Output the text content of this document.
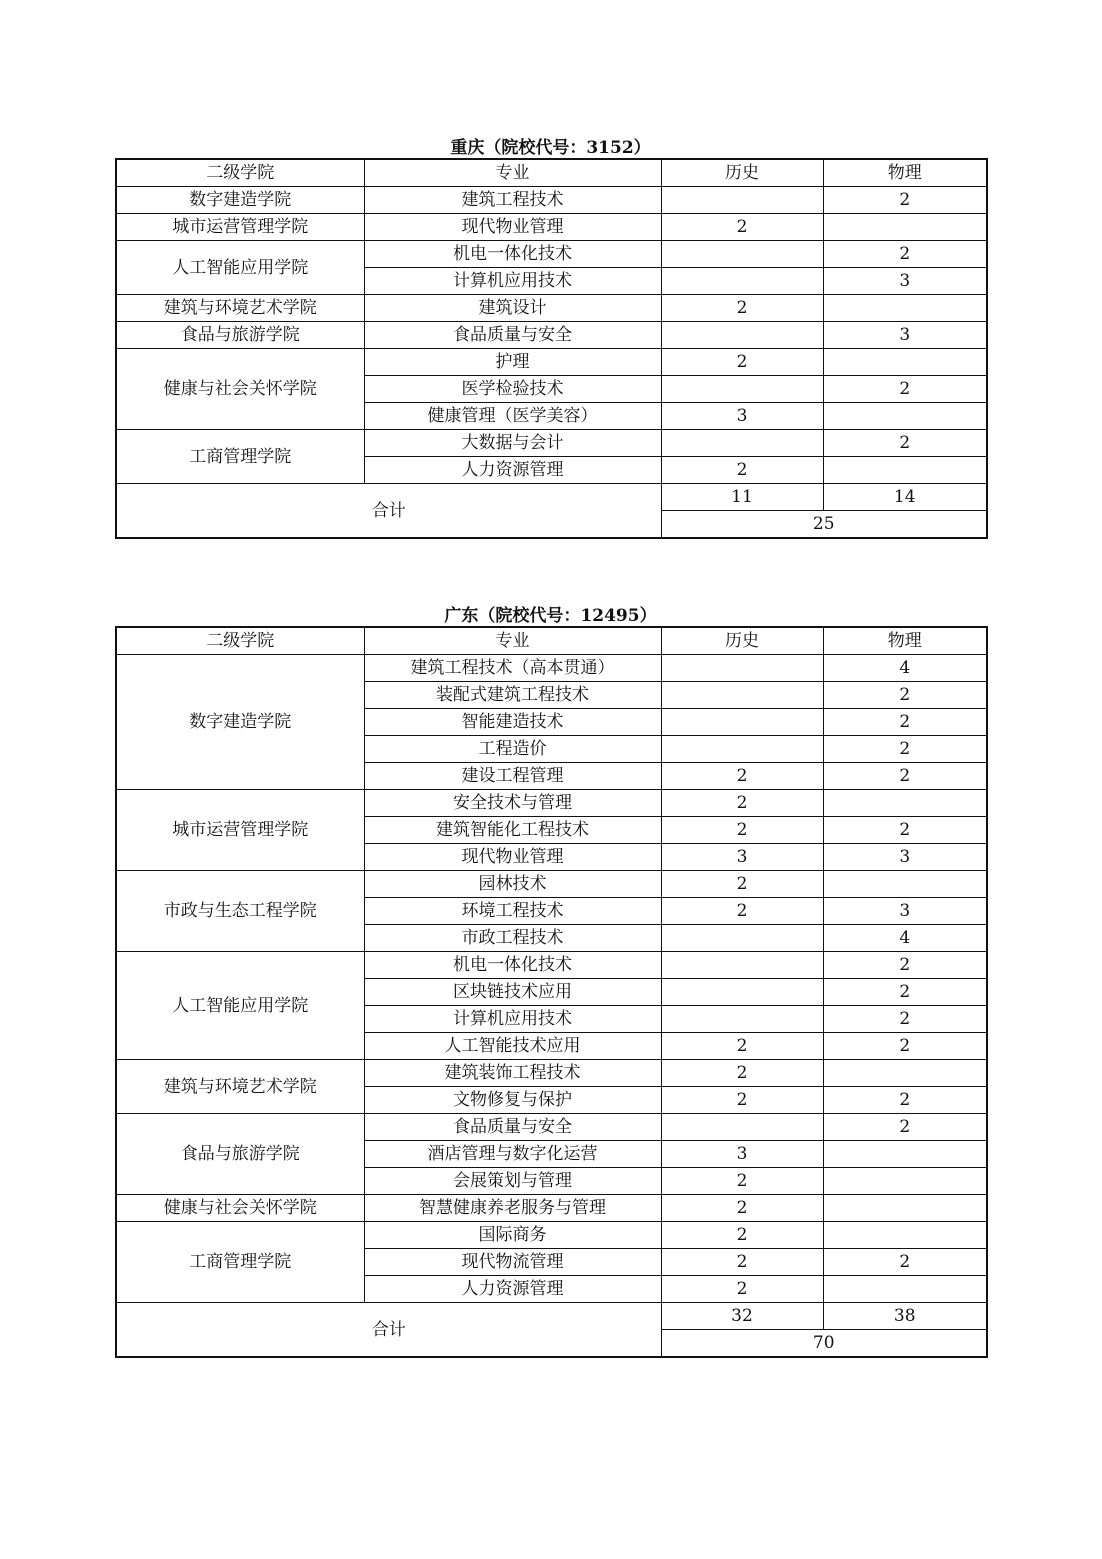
重庆（院校代号：3152）
二级学院	专业	历史	物理
数字建造学院	建筑工程技术		2
城市运营管理学院	现代物业管理	2	
人工智能应用学院	机电一体化技术		2
	计算机应用技术		3
建筑与环境艺术学院	建筑设计	2	
食品与旅游学院	食品质量与安全		3
健康与社会关怀学院	护理	2	
	医学检验技术		2
	健康管理（医学美容）	3	
工商管理学院	大数据与会计		2
	人力资源管理	2	
合计		11	14
		25	
广东（院校代号：12495）
二级学院	专业	历史	物理
数字建造学院	建筑工程技术（高本贯通）		4
	装配式建筑工程技术		2
	智能建造技术		2
	工程造价		2
	建设工程管理	2	2
城市运营管理学院	安全技术与管理	2	
	建筑智能化工程技术	2	2
	现代物业管理	3	3
市政与生态工程学院	园林技术	2	
	环境工程技术	2	3
	市政工程技术		4
人工智能应用学院	机电一体化技术		2
	区块链技术应用		2
	计算机应用技术		2
	人工智能技术应用	2	2
建筑与环境艺术学院	建筑装饰工程技术	2	
	文物修复与保护	2	2
食品与旅游学院	食品质量与安全		2
	酒店管理与数字化运营	3	
	会展策划与管理	2	
健康与社会关怀学院	智慧健康养老服务与管理	2	
工商管理学院	国际商务	2	
	现代物流管理	2	2
	人力资源管理	2	
合计		32	38
		70	
